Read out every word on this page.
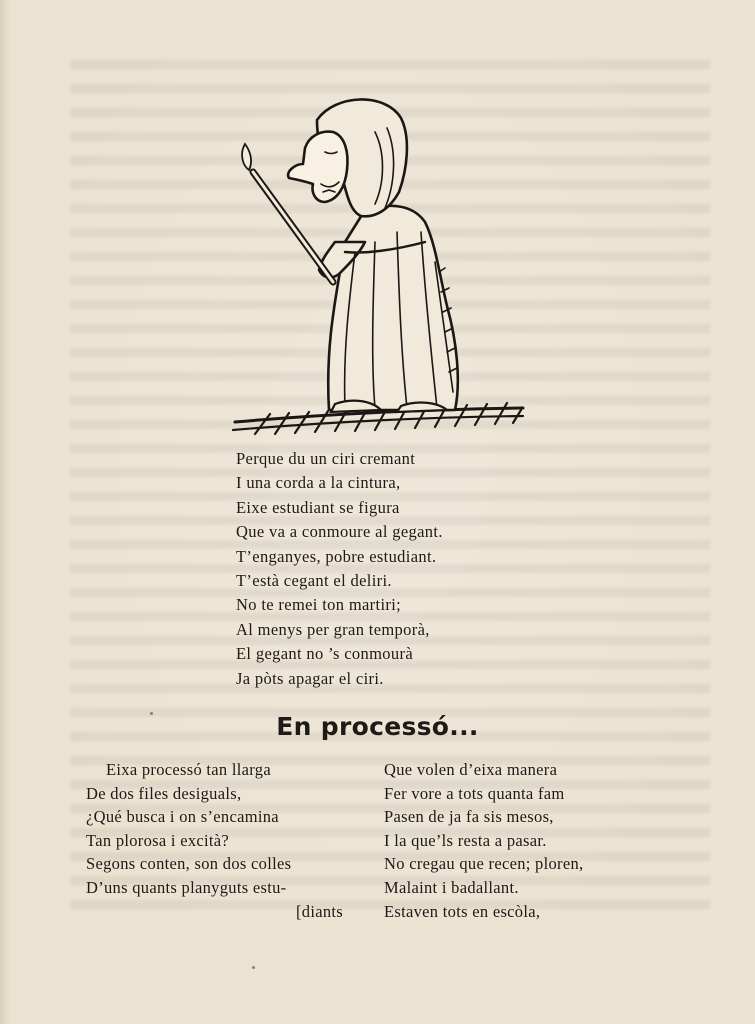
Perque du un ciri cremant
I una corda a la cintura,
Eixe estudiant se figura
Que va a conmoure al gegant.
T’enganyes, pobre estudiant.
T’està cegant el deliri.
No te remei ton martiri;
Al menys per gran temporà,
El gegant no ’s conmourà
Ja pòts apagar el ciri.
En processó...
Eixa processó tan llarga
De dos files desiguals,
¿Qué busca i on s’encamina
Tan plorosa i excità?
Segons conten, son dos colles
D’uns quants planyguts estu-
[diants
Que volen d’eixa manera
Fer vore a tots quanta fam
Pasen de ja fa sis mesos,
I la que’ls resta a pasar.
No cregau que recen; ploren,
Malaint i badallant.
Estaven tots en escòla,
